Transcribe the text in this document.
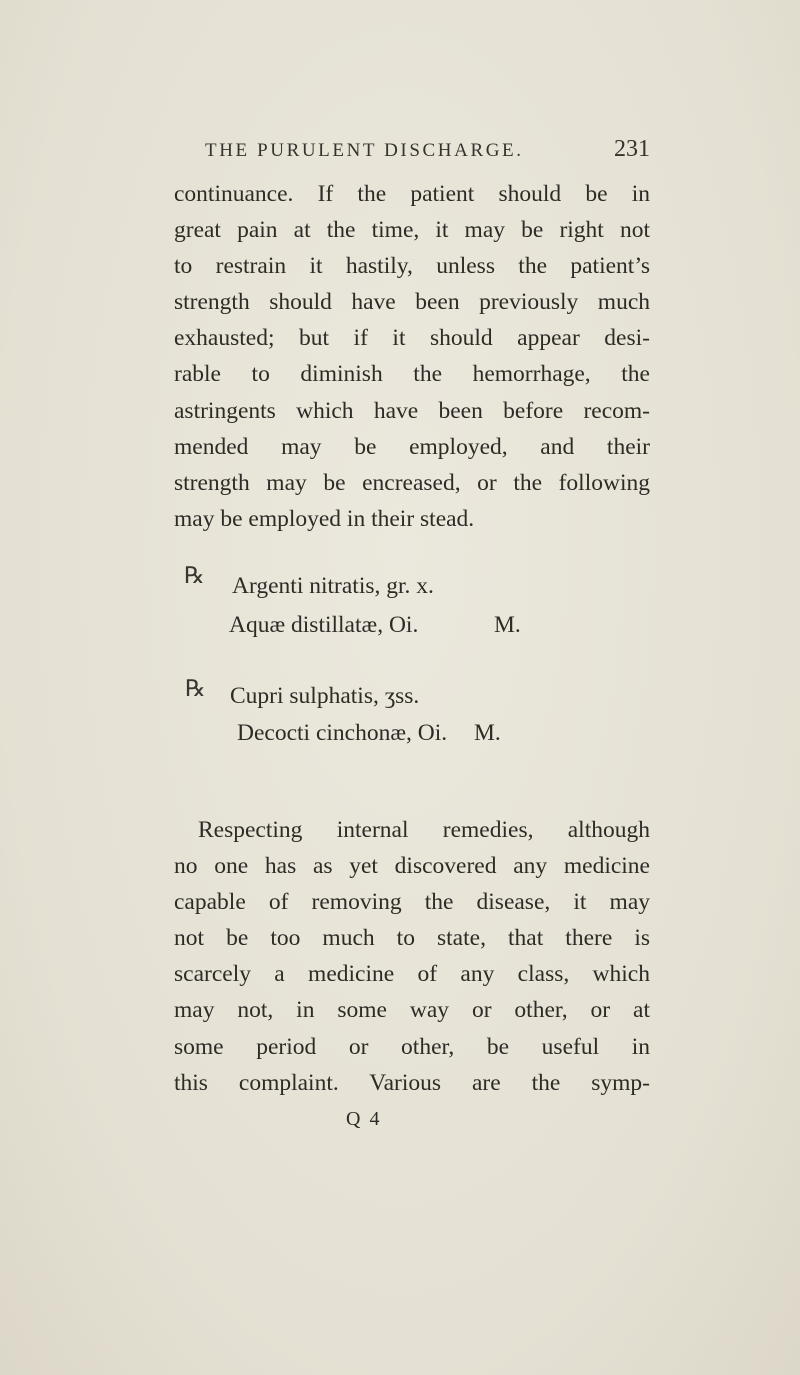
THE PURULENT DISCHARGE.	231
continuance. If the patient should be in
great pain at the time, it may be right not
to restrain it hastily, unless the patient’s
strength should have been previously much
exhausted; but if it should appear desi-
rable to diminish the hemorrhage, the
astringents which have been before recom-
mended may be employed, and their
strength may be encreased, or the following
may be employed in their stead.
℞ Argenti nitratis, gr. x.
Aquæ distillatæ, Oi.	M.
℞ Cupri sulphatis, ʒss.
Decocti cinchonæ, Oi. M.
Respecting internal remedies, although
no one has as yet discovered any medicine
capable of removing the disease, it may
not be too much to state, that there is
scarcely a medicine of any class, which
may not, in some way or other, or at
some period or other, be useful in
this complaint. Various are the symp-
Q 4
